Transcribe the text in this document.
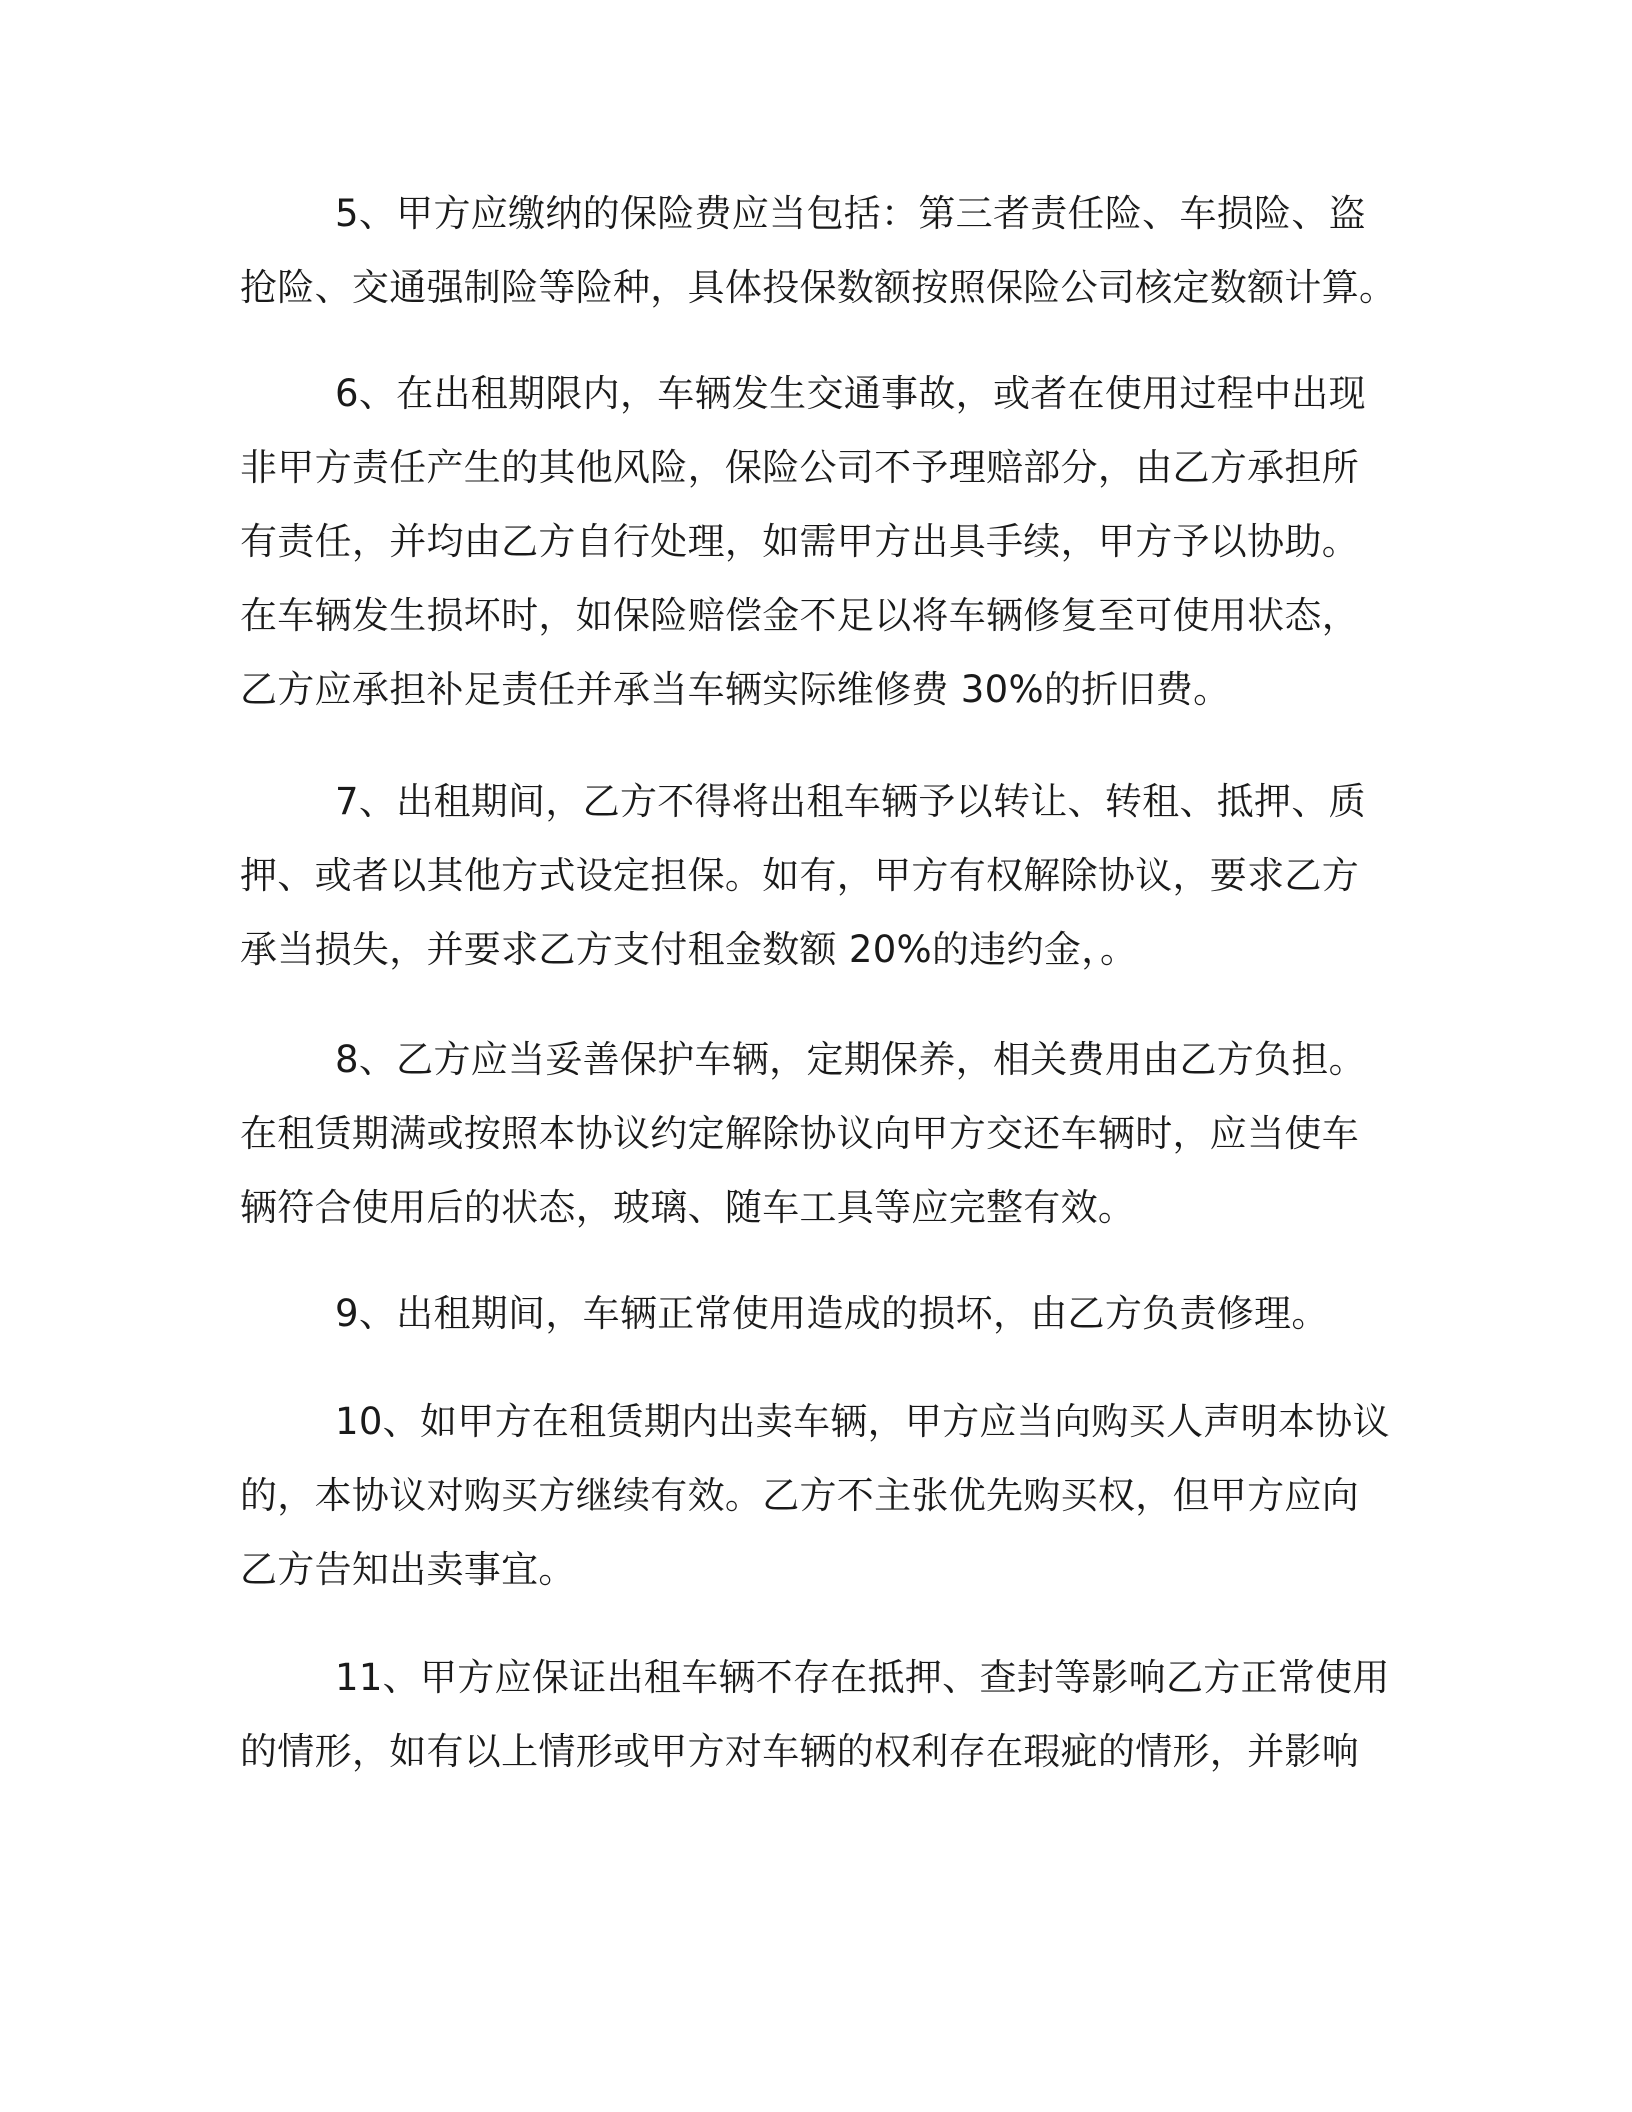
5、甲方应缴纳的保险费应当包括：第三者责任险、车损险、盗
抢险、交通强制险等险种，具体投保数额按照保险公司核定数额计算。
6、在出租期限内，车辆发生交通事故，或者在使用过程中出现
非甲方责任产生的其他风险，保险公司不予理赔部分，由乙方承担所
有责任，并均由乙方自行处理，如需甲方出具手续，甲方予以协助。
在车辆发生损坏时，如保险赔偿金不足以将车辆修复至可使用状态，
乙方应承担补足责任并承当车辆实际维修费 30%的折旧费。
7、出租期间，乙方不得将出租车辆予以转让、转租、抵押、质
押、或者以其他方式设定担保。如有，甲方有权解除协议，要求乙方
承当损失，并要求乙方支付租金数额 20%的违约金，。
8、乙方应当妥善保护车辆，定期保养，相关费用由乙方负担。
在租赁期满或按照本协议约定解除协议向甲方交还车辆时，应当使车
辆符合使用后的状态，玻璃、随车工具等应完整有效。
9、出租期间，车辆正常使用造成的损坏，由乙方负责修理。
10、如甲方在租赁期内出卖车辆，甲方应当向购买人声明本协议
的，本协议对购买方继续有效。乙方不主张优先购买权，但甲方应向
乙方告知出卖事宜。
11、甲方应保证出租车辆不存在抵押、查封等影响乙方正常使用
的情形，如有以上情形或甲方对车辆的权利存在瑕疵的情形，并影响
